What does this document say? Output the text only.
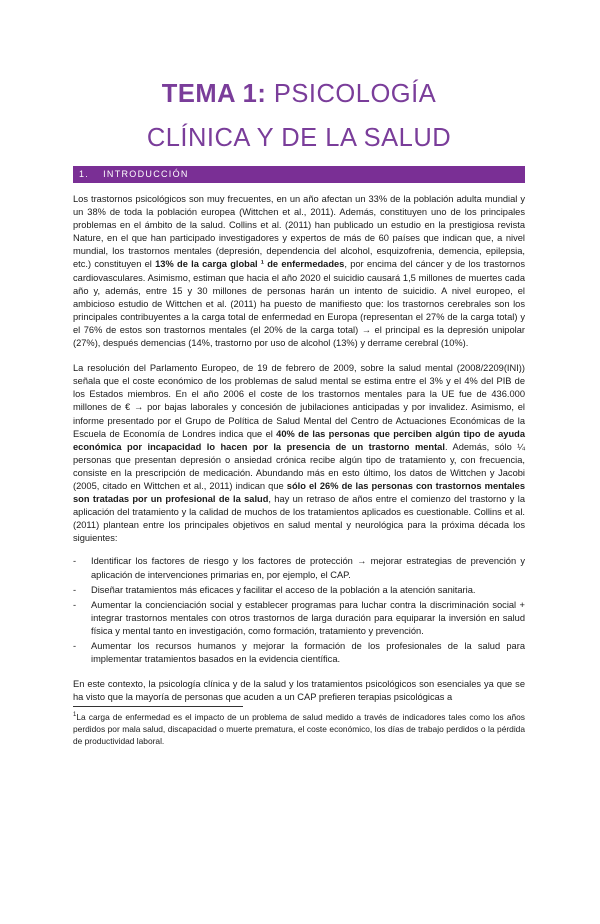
TEMA 1: PSICOLOGÍA
CLÍNICA Y DE LA SALUD
1. INTRODUCCIÓN

Los trastornos psicológicos son muy frecuentes, en un año afectan un 33% de la población adulta mundial y un 38% de toda la población europea (Wittchen et al., 2011). Además, constituyen uno de los principales problemas en el ámbito de la salud. Collins et al. (2011) han publicado un estudio en la prestigiosa revista Nature, en el que han participado investigadores y expertos de más de 60 países que indican que, a nivel mundial, los trastornos mentales (depresión, dependencia del alcohol, esquizofrenia, demencia, epilepsia, etc.) constituyen el 13% de la carga global ¹ de enfermedades, por encima del cáncer y de los trastornos cardiovasculares. Asimismo, estiman que hacia el año 2020 el suicidio causará 1,5 millones de muertes cada año y, además, entre 15 y 30 millones de personas harán un intento de suicidio. A nivel europeo, el ambicioso estudio de Wittchen et al. (2011) ha puesto de manifiesto que: los trastornos cerebrales son los principales contribuyentes a la carga total de enfermedad en Europa (representan el 27% de la carga total) y el 76% de estos son trastornos mentales (el 20% de la carga total) → el principal es la depresión unipolar (27%), después demencias (14%, trastorno por uso de alcohol (13%) y derrame cerebral (10%).

La resolución del Parlamento Europeo, de 19 de febrero de 2009, sobre la salud mental (2008/2209(INI)) señala que el coste económico de los problemas de salud mental se estima entre el 3% y el 4% del PIB de los Estados miembros. En el año 2006 el coste de los trastornos mentales para la UE fue de 436.000 millones de € → por bajas laborales y concesión de jubilaciones anticipadas y por invalidez. Asimismo, el informe presentado por el Grupo de Política de Salud Mental del Centro de Actuaciones Económicas de la Escuela de Economía de Londres indica que el 40% de las personas que perciben algún tipo de ayuda económica por incapacidad lo hacen por la presencia de un trastorno mental. Además, sólo ¼ personas que presentan depresión o ansiedad crónica recibe algún tipo de tratamiento y, con frecuencia, consiste en la prescripción de medicación. Abundando más en esto último, los datos de Wittchen y Jacobi (2005, citado en Wittchen et al., 2011) indican que sólo el 26% de las personas con trastornos mentales son tratadas por un profesional de la salud, hay un retraso de años entre el comienzo del trastorno y la aplicación del tratamiento y la calidad de muchos de los tratamientos aplicados es cuestionable. Collins et al. (2011) plantean entre los principales objetivos en salud mental y neurológica para la próxima década los siguientes:

- Identificar los factores de riesgo y los factores de protección → mejorar estrategias de prevención y aplicación de intervenciones primarias en, por ejemplo, el CAP.
- Diseñar tratamientos más eficaces y facilitar el acceso de la población a la atención sanitaria.
- Aumentar la concienciación social y establecer programas para luchar contra la discriminación social + integrar trastornos mentales con otros trastornos de larga duración para equiparar la inversión en salud física y mental tanto en investigación, como formación, tratamiento y prevención.
- Aumentar los recursos humanos y mejorar la formación de los profesionales de la salud para implementar tratamientos basados en la evidencia científica.

En este contexto, la psicología clínica y de la salud y los tratamientos psicológicos son esenciales ya que se ha visto que la mayoría de personas que acuden a un CAP prefieren terapias psicológicas a

$^1$La carga de enfermedad es el impacto de un problema de salud medido a través de indicadores tales como los años perdidos por mala salud, discapacidad o muerte prematura, el coste económico, los días de trabajo perdidos o la pérdida de productividad laboral.
